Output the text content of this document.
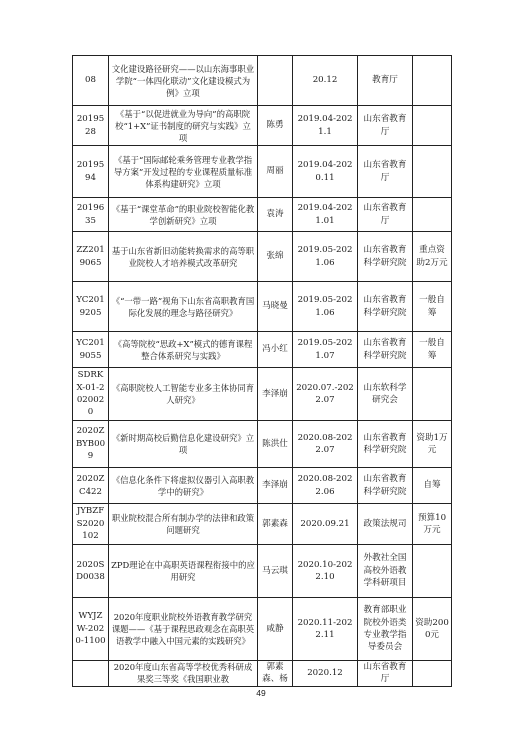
08	文化建设路径研究——以山东海事职业学院“一体四化联动”文化建设模式为例》立项		20.12	教育厅	
2019528	《基于“以促进就业为导向”的高职院校“1+X”证书制度的研究与实践》立项	陈勇	2019.04-2021.1	山东省教育厅	
2019594	《基于“国际邮轮乘务管理专业教学指导方案”开发过程的专业课程质量标准体系构建研究》立项	周丽	2019.04-2020.11	山东省教育厅	
2019635	《基于“课堂革命”的职业院校智能化教学创新研究》立项	袁涛	2019.04-2021.01	山东省教育厅	
ZZ2019065	基于山东省新旧动能转换需求的高等职业院校人才培养模式改革研究	张绵	2019.05-2021.06	山东省教育科学研究院	重点资助2万元
YC2019205	《“一带一路”视角下山东省高职教育国际化发展的理念与路径研究》	马晓曼	2019.05-2021.06	山东省教育科学研究院	一般自筹
YC2019055	《高等院校“思政+X”模式的德育课程整合体系研究与实践》	冯小红	2019.05-2021.07	山东省教育科学研究院	一般自筹
SDRKX-01-2020020	《高职院校人工智能专业多主体协同育人研究》	李泽崩	2020.07.-2022.07	山东软科学研究会	
2020ZBYB009	《新时期高校后勤信息化建设研究》立项	陈洪仕	2020.08-2022.07	山东省教育科学研究院	资助1万元
2020ZC422	《信息化条件下将虚拟仪器引入高职教学中的研究》	李泽崩	2020.08-2022.06	山东省教育科学研究院	自筹
JYBZFS2020102	职业院校混合所有制办学的法律和政策问题研究	郭素森	2020.09.21	政策法规司	预算10万元
2020SD0038	ZPD理论在中高职英语课程衔接中的应用研究	马云琪	2020.10-2022.10	外教社全国高校外语教学科研项目	
WYJZW-2020-1100	2020年度职业院校外语教育教学研究课题——《基于课程思政观念在高职英语教学中融入中国元素的实践研究》	咸静	2020.11-2022.11	教育部职业院校外语类专业教学指导委员会	资助2000元
	2020年度山东省高等学校优秀科研成果奖三等奖《我国职业教	郭素森、杨	2020.12	山东省教育厅	
49
